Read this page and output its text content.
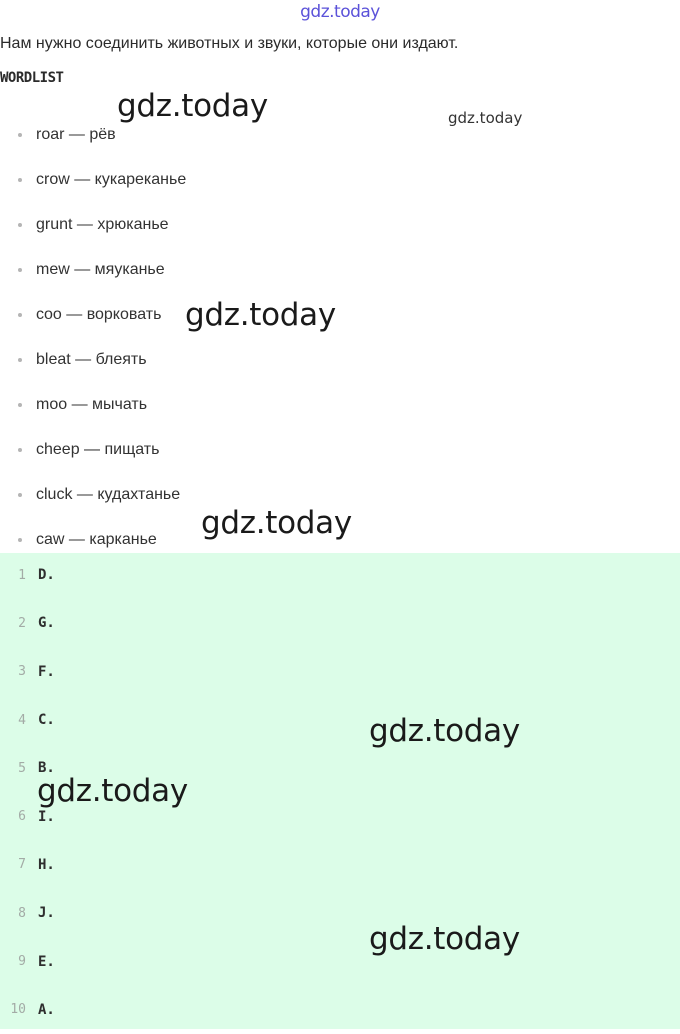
gdz.today
Нам нужно соединить животных и звуки, которые они издают.
WORDLIST
roar — рёв
crow — кукареканье
grunt — хрюканье
mew — мяуканье
coo — ворковать
bleat — блеять
moo — мычать
cheep — пищать
cluck — кудахтанье
caw — карканье
1 D.
2 G.
3 F.
4 C.
5 B.
6 I.
7 H.
8 J.
9 E.
10 A.
gdz.today	gdz.today
gdz.today
gdz.today
gdz.today
gdz.today
gdz.today
